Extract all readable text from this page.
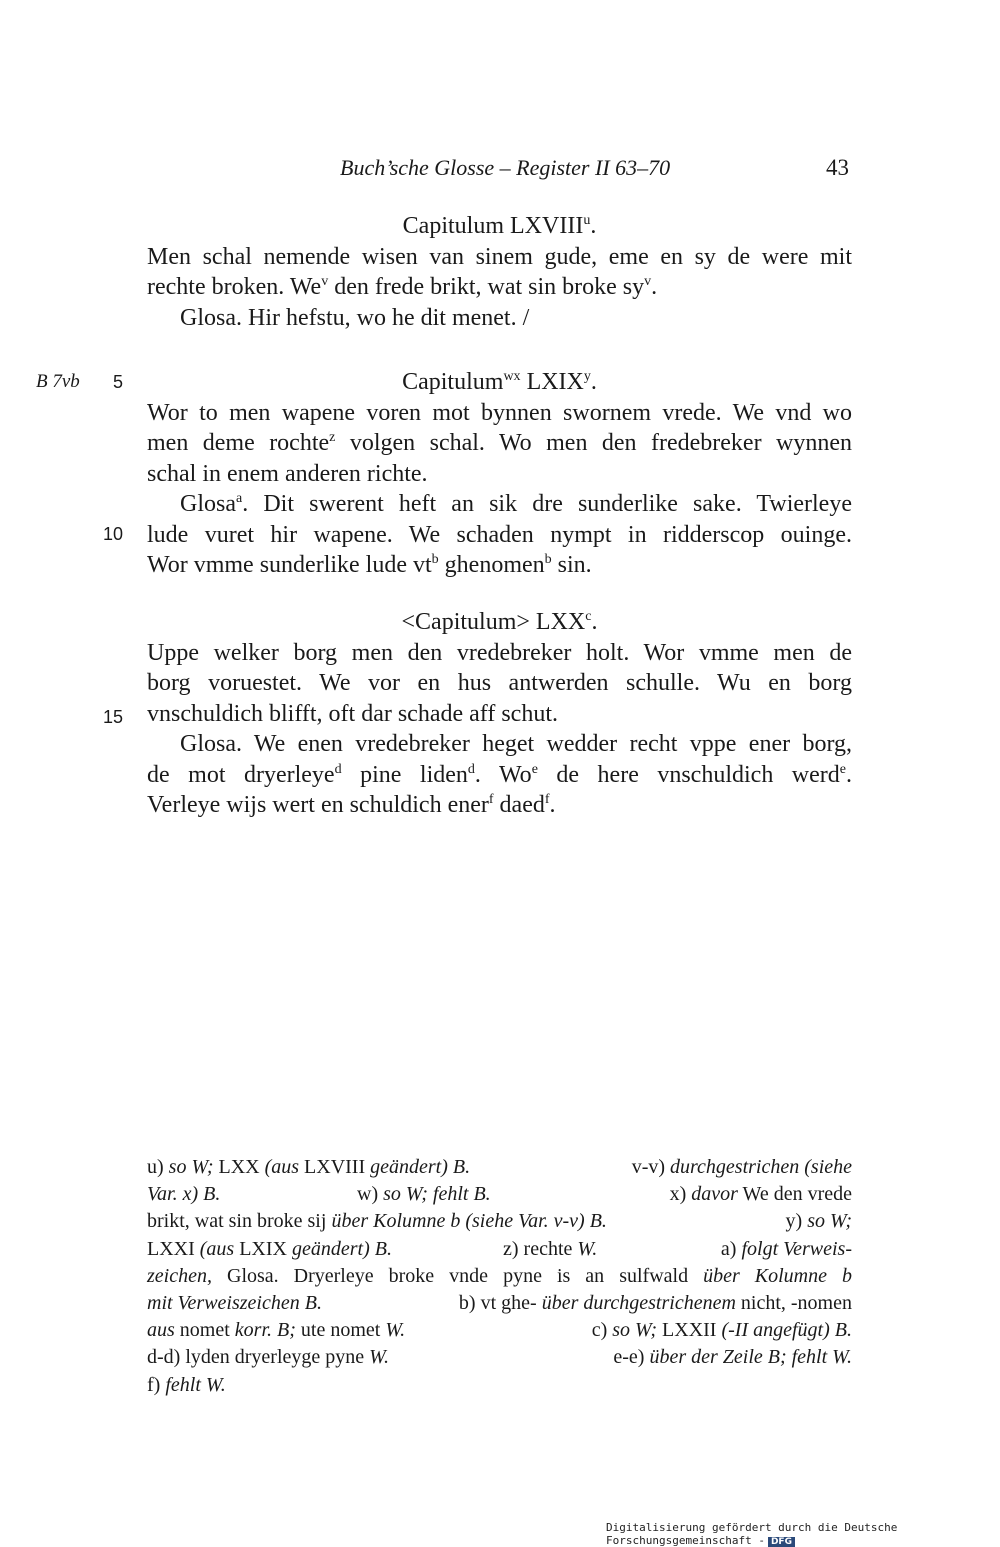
Buch’sche Glosse – Register II 63–70	43
Capitulum LXVIII$^u$.
Men schal nemende wisen van sinem gude, eme en sy de were mit
rechte broken. We$^v$ den frede brikt, wat sin broke $sy^v$.
Glosa. Hir hefstu, wo he dit menet. /
B 7vb	5
10
15
Capitulum$^{wx}$ LXIX$^y$.
Wor to men wapene voren mot bynnen swornem vrede. We vnd wo
men deme rochte$^z$ volgen schal. Wo men den fredebreker wynnen
schal in enem anderen richte.
Glosa$^a$. Dit swerent heft an sik dre sunderlike sake. Twierleye
lude vuret hir wapene. We schaden nympt in ridderscop ouinge.
Wor vmme sunderlike lude $vt^b$ ghenomen$^b$ sin.
<Capitulum> $LXX^c$.
Uppe welker borg men den vredebreker holt. Wor vmme men de
borg voruestet. We vor en hus antwerden schulle. Wu en borg
vnschuldich blifft, oft dar schade aff schut.
Glosa. We enen vredebreker heget wedder recht vppe ener borg,
de mot dryerleye$^d$ pine liden$^d$. Wo$^e$ de here vnschuldich werd$^e$.
Verleye wijs wert en schuldich ener$^f$ daed$^f$.
u) so W; LXX (aus LXVIII geändert) B.	v-v) durchgestrichen (siehe
Var. x) B.	w) so W; fehlt B.	x) davor We den vrede
brikt, wat sin broke sij über Kolumne b (siehe Var. v-v) B.	y) so W;
LXXI (aus LXIX geändert) B.	z) rechte W.	a) folgt Verweis-
zeichen, Glosa. Dryerleye broke vnde pyne is an sulfwald über Kolumne b
mit Verweiszeichen B.	b) vt ghe- über durchgestrichenem nicht, -nomen
aus nomet korr. B; ute nomet W.	c) so W; LXXII (-II angefügt) B.
d-d) lyden dryerleyge pyne W.	e-e) über der Zeile B; fehlt W.
f) fehlt W.
Digitalisierung gefördert durch die Deutsche Forschungsgemeinschaft - DFG
